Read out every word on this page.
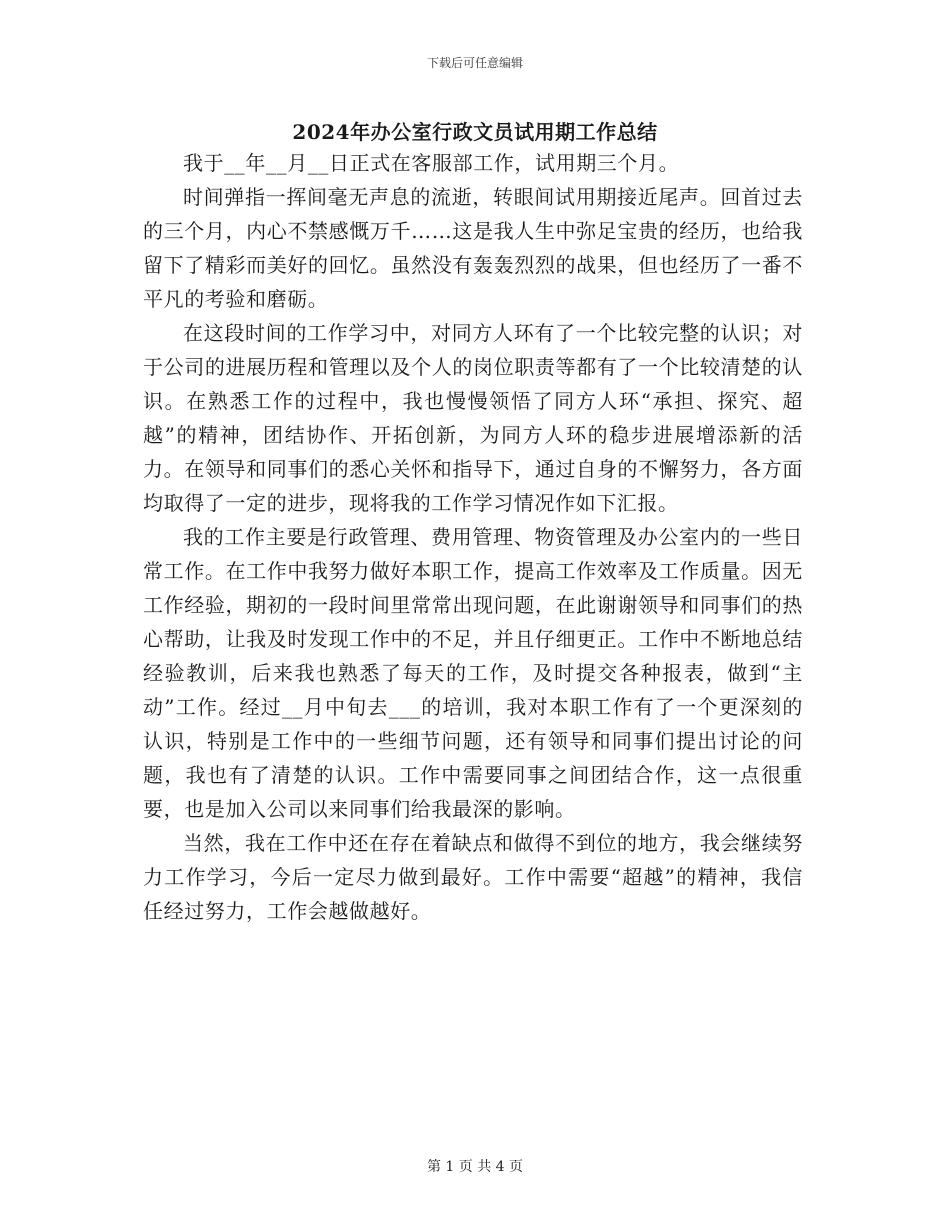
下载后可任意编辑
2024年办公室行政文员试用期工作总结

我于__年__月__日正式在客服部工作，试用期三个月。

时间弹指一挥间毫无声息的流逝，转眼间试用期接近尾声。回首过去的三个月，内心不禁感慨万千……这是我人生中弥足宝贵的经历，也给我留下了精彩而美好的回忆。虽然没有轰轰烈烈的战果，但也经历了一番不平凡的考验和磨砺。

在这段时间的工作学习中，对同方人环有了一个比较完整的认识；对于公司的进展历程和管理以及个人的岗位职责等都有了一个比较清楚的认识。在熟悉工作的过程中，我也慢慢领悟了同方人环“承担、探究、超越”的精神，团结协作、开拓创新，为同方人环的稳步进展增添新的活力。在领导和同事们的悉心关怀和指导下，通过自身的不懈努力，各方面均取得了一定的进步，现将我的工作学习情况作如下汇报。

我的工作主要是行政管理、费用管理、物资管理及办公室内的一些日常工作。在工作中我努力做好本职工作，提高工作效率及工作质量。因无工作经验，期初的一段时间里常常出现问题，在此谢谢领导和同事们的热心帮助，让我及时发现工作中的不足，并且仔细更正。工作中不断地总结经验教训，后来我也熟悉了每天的工作，及时提交各种报表，做到“主动”工作。经过__月中旬去___的培训，我对本职工作有了一个更深刻的认识，特别是工作中的一些细节问题，还有领导和同事们提出讨论的问题，我也有了清楚的认识。工作中需要同事之间团结合作，这一点很重要，也是加入公司以来同事们给我最深的影响。

当然，我在工作中还在存在着缺点和做得不到位的地方，我会继续努力工作学习，今后一定尽力做到最好。工作中需要“超越”的精神，我信任经过努力，工作会越做越好。

第 1 页 共 4 页
